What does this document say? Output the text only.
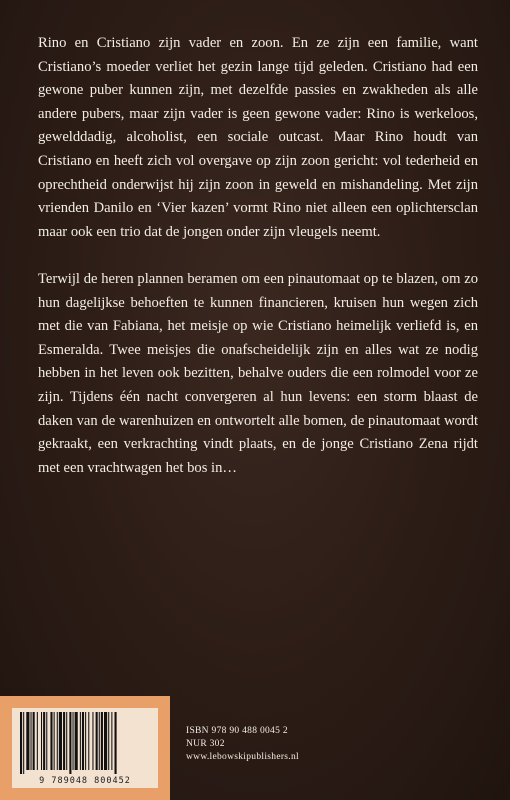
Rino en Cristiano zijn vader en zoon. En ze zijn een familie, want Cristiano’s moeder verliet het gezin lange tijd geleden. Cristiano had een gewone puber kunnen zijn, met dezelfde passies en zwakheden als alle andere pubers, maar zijn vader is geen gewone vader: Rino is werkeloos, gewelddadig, alcoholist, een sociale outcast. Maar Rino houdt van Cristiano en heeft zich vol overgave op zijn zoon gericht: vol tederheid en oprechtheid onderwijst hij zijn zoon in geweld en mishandeling. Met zijn vrienden Danilo en ‘Vier kazen’ vormt Rino niet alleen een oplichtersclan maar ook een trio dat de jongen onder zijn vleugels neemt.

Terwijl de heren plannen beramen om een pinautomaat op te blazen, om zo hun dagelijkse behoeften te kunnen financieren, kruisen hun wegen zich met die van Fabiana, het meisje op wie Cristiano heimelijk verliefd is, en Esmeralda. Twee meisjes die onafscheidelijk zijn en alles wat ze nodig hebben in het leven ook bezitten, behalve ouders die een rolmodel voor ze zijn. Tijdens één nacht convergeren al hun levens: een storm blaast de daken van de warenhuizen en ontwortelt alle bomen, de pinautomaat wordt gekraakt, een verkrachting vindt plaats, en de jonge Cristiano Zena rijdt met een vrachtwagen het bos in…

9 789048 800452
ISBN 978 90 488 0045 2
NUR 302
www.lebowskipublishers.nl
